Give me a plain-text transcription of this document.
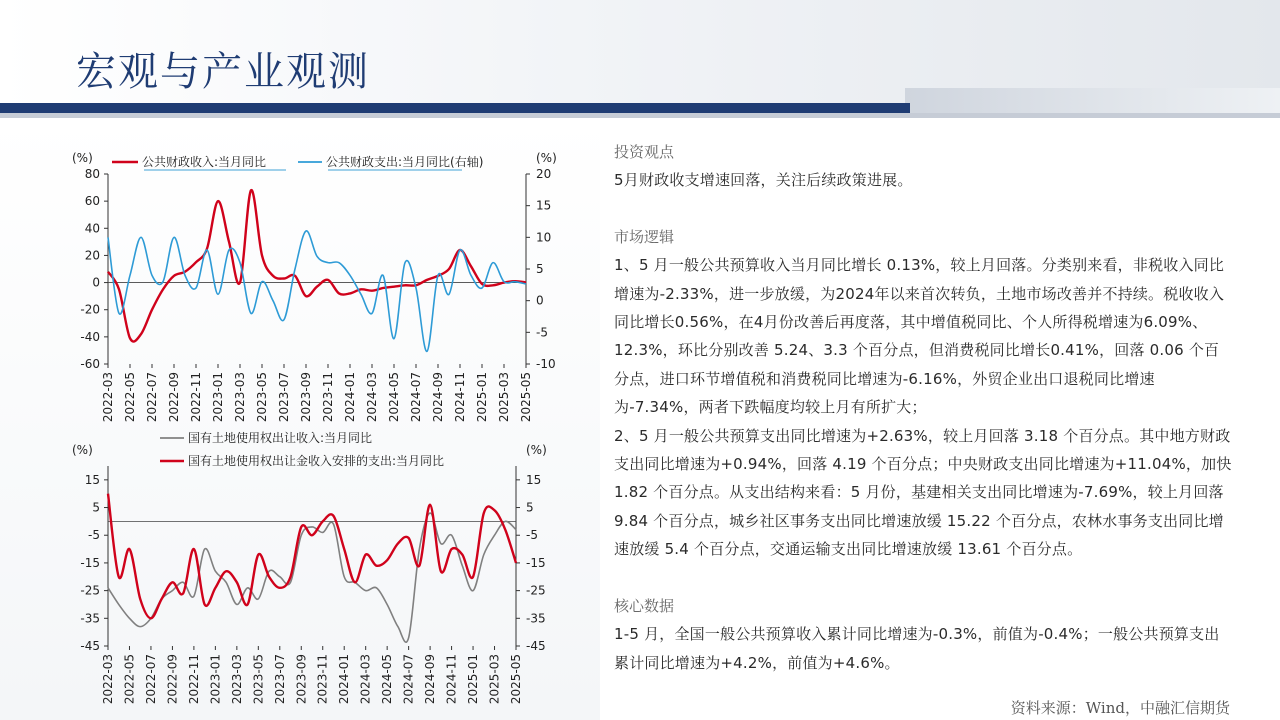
宏观与产业观测
(%)	(%)
-60
-40
-20
0
20
40
60
80
-10
-5
0
5
10
15
20
2022-03 2022-05 2022-07 2022-09 2022-11 2023-01 2023-03 2023-05 2023-07 2023-09 2023-11 2024-01 2024-03 2024-05 2024-07 2024-09 2024-11 2025-01 2025-03 2025-05
公共财政收入:当月同比	公共财政支出:当月同比(右轴)
(%)	(%)
-45
-35
-25
-15
-5
5
15
-45
-35
-25
-15
-5
5
15
2022-03 2022-05 2022-07 2022-09 2022-11 2023-01 2023-03 2023-05 2023-07 2023-09 2023-11 2024-01 2024-03 2024-05 2024-07 2024-09 2024-11 2025-01 2025-03 2025-05
国有土地使用权出让收入:当月同比
国有土地使用权出让金收入安排的支出:当月同比
投资观点
5月财政收支增速回落，关注后续政策进展。
市场逻辑
1、5 月一般公共预算收入当月同比增长 0.13%，较上月回落。分类别来看，非税收入同比增速为-2.33%，进一步放缓，为2024年以来首次转负，土地市场改善并不持续。税收收入同比增长0.56%，在4月份改善后再度落，其中增值税同比、个人所得税增速为6.09%、12.3%，环比分别改善 5.24、3.3 个百分点，但消费税同比增长0.41%，回落 0.06 个百分点，进口环节增值税和消费税同比增速为-6.16%，外贸企业出口退税同比增速 为-7.34%，两者下跌幅度均较上月有所扩大；
2、5 月一般公共预算支出同比增速为+2.63%，较上月回落 3.18 个百分点。其中地方财政支出同比增速为+0.94%，回落 4.19 个百分点；中央财政支出同比增速为+11.04%，加快 1.82 个百分点。从支出结构来看：5 月份，基建相关支出同比增速为-7.69%，较上月回落 9.84 个百分点，城乡社区事务支出同比增速放缓 15.22 个百分点，农林水事务支出同比增 速放缓 5.4 个百分点，交通运输支出同比增速放缓 13.61 个百分点。
核心数据
1-5 月，全国一般公共预算收入累计同比增速为-0.3%，前值为-0.4%；一般公共预算支出累计同比增速为+4.2%，前值为+4.6%。
资料来源：Wind，中融汇信期货
